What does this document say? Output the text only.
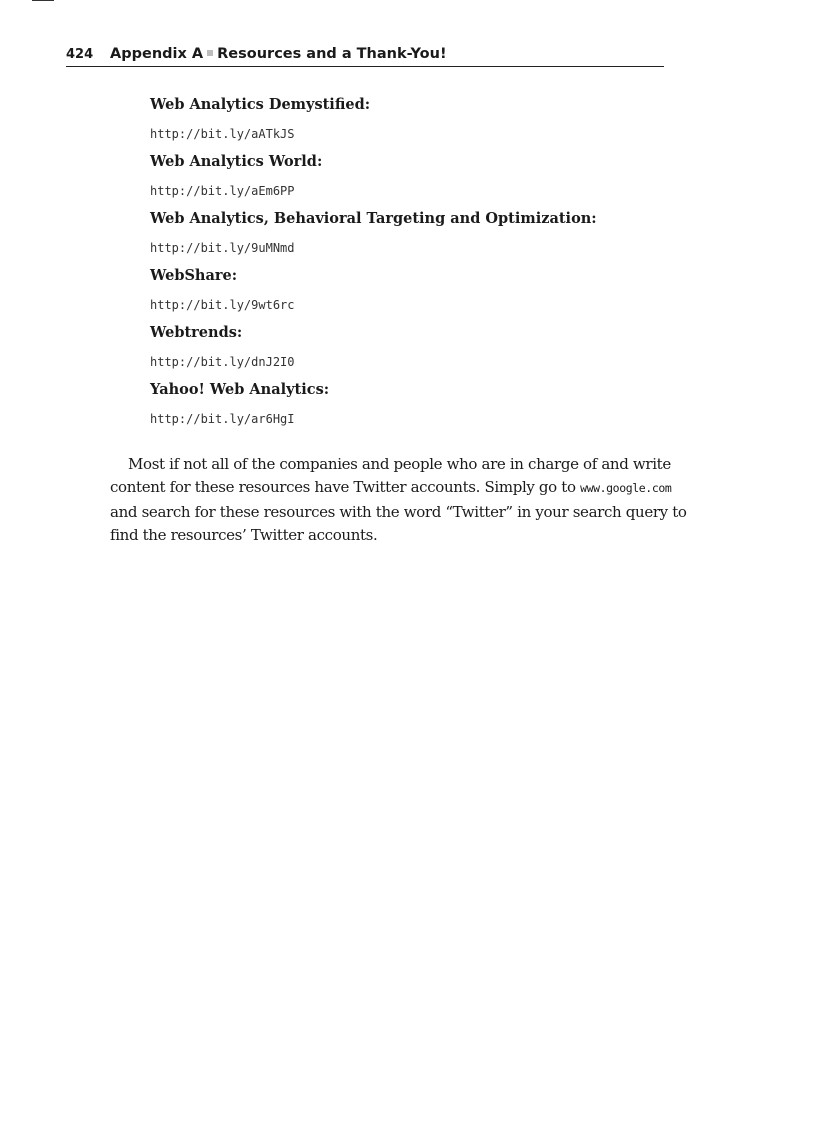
424 Appendix A Resources and a Thank-You!
Web Analytics Demystified:
http://bit.ly/aATkJS
Web Analytics World:
http://bit.ly/aEm6PP
Web Analytics, Behavioral Targeting and Optimization:
http://bit.ly/9uMNmd
WebShare:
http://bit.ly/9wt6rc
Webtrends:
http://bit.ly/dnJ2I0
Yahoo! Web Analytics:
http://bit.ly/ar6HgI
Most if not all of the companies and people who are in charge of and write
content for these resources have Twitter accounts. Simply go to www.google.com
and search for these resources with the word “Twitter” in your search query to
find the resources’ Twitter accounts.
